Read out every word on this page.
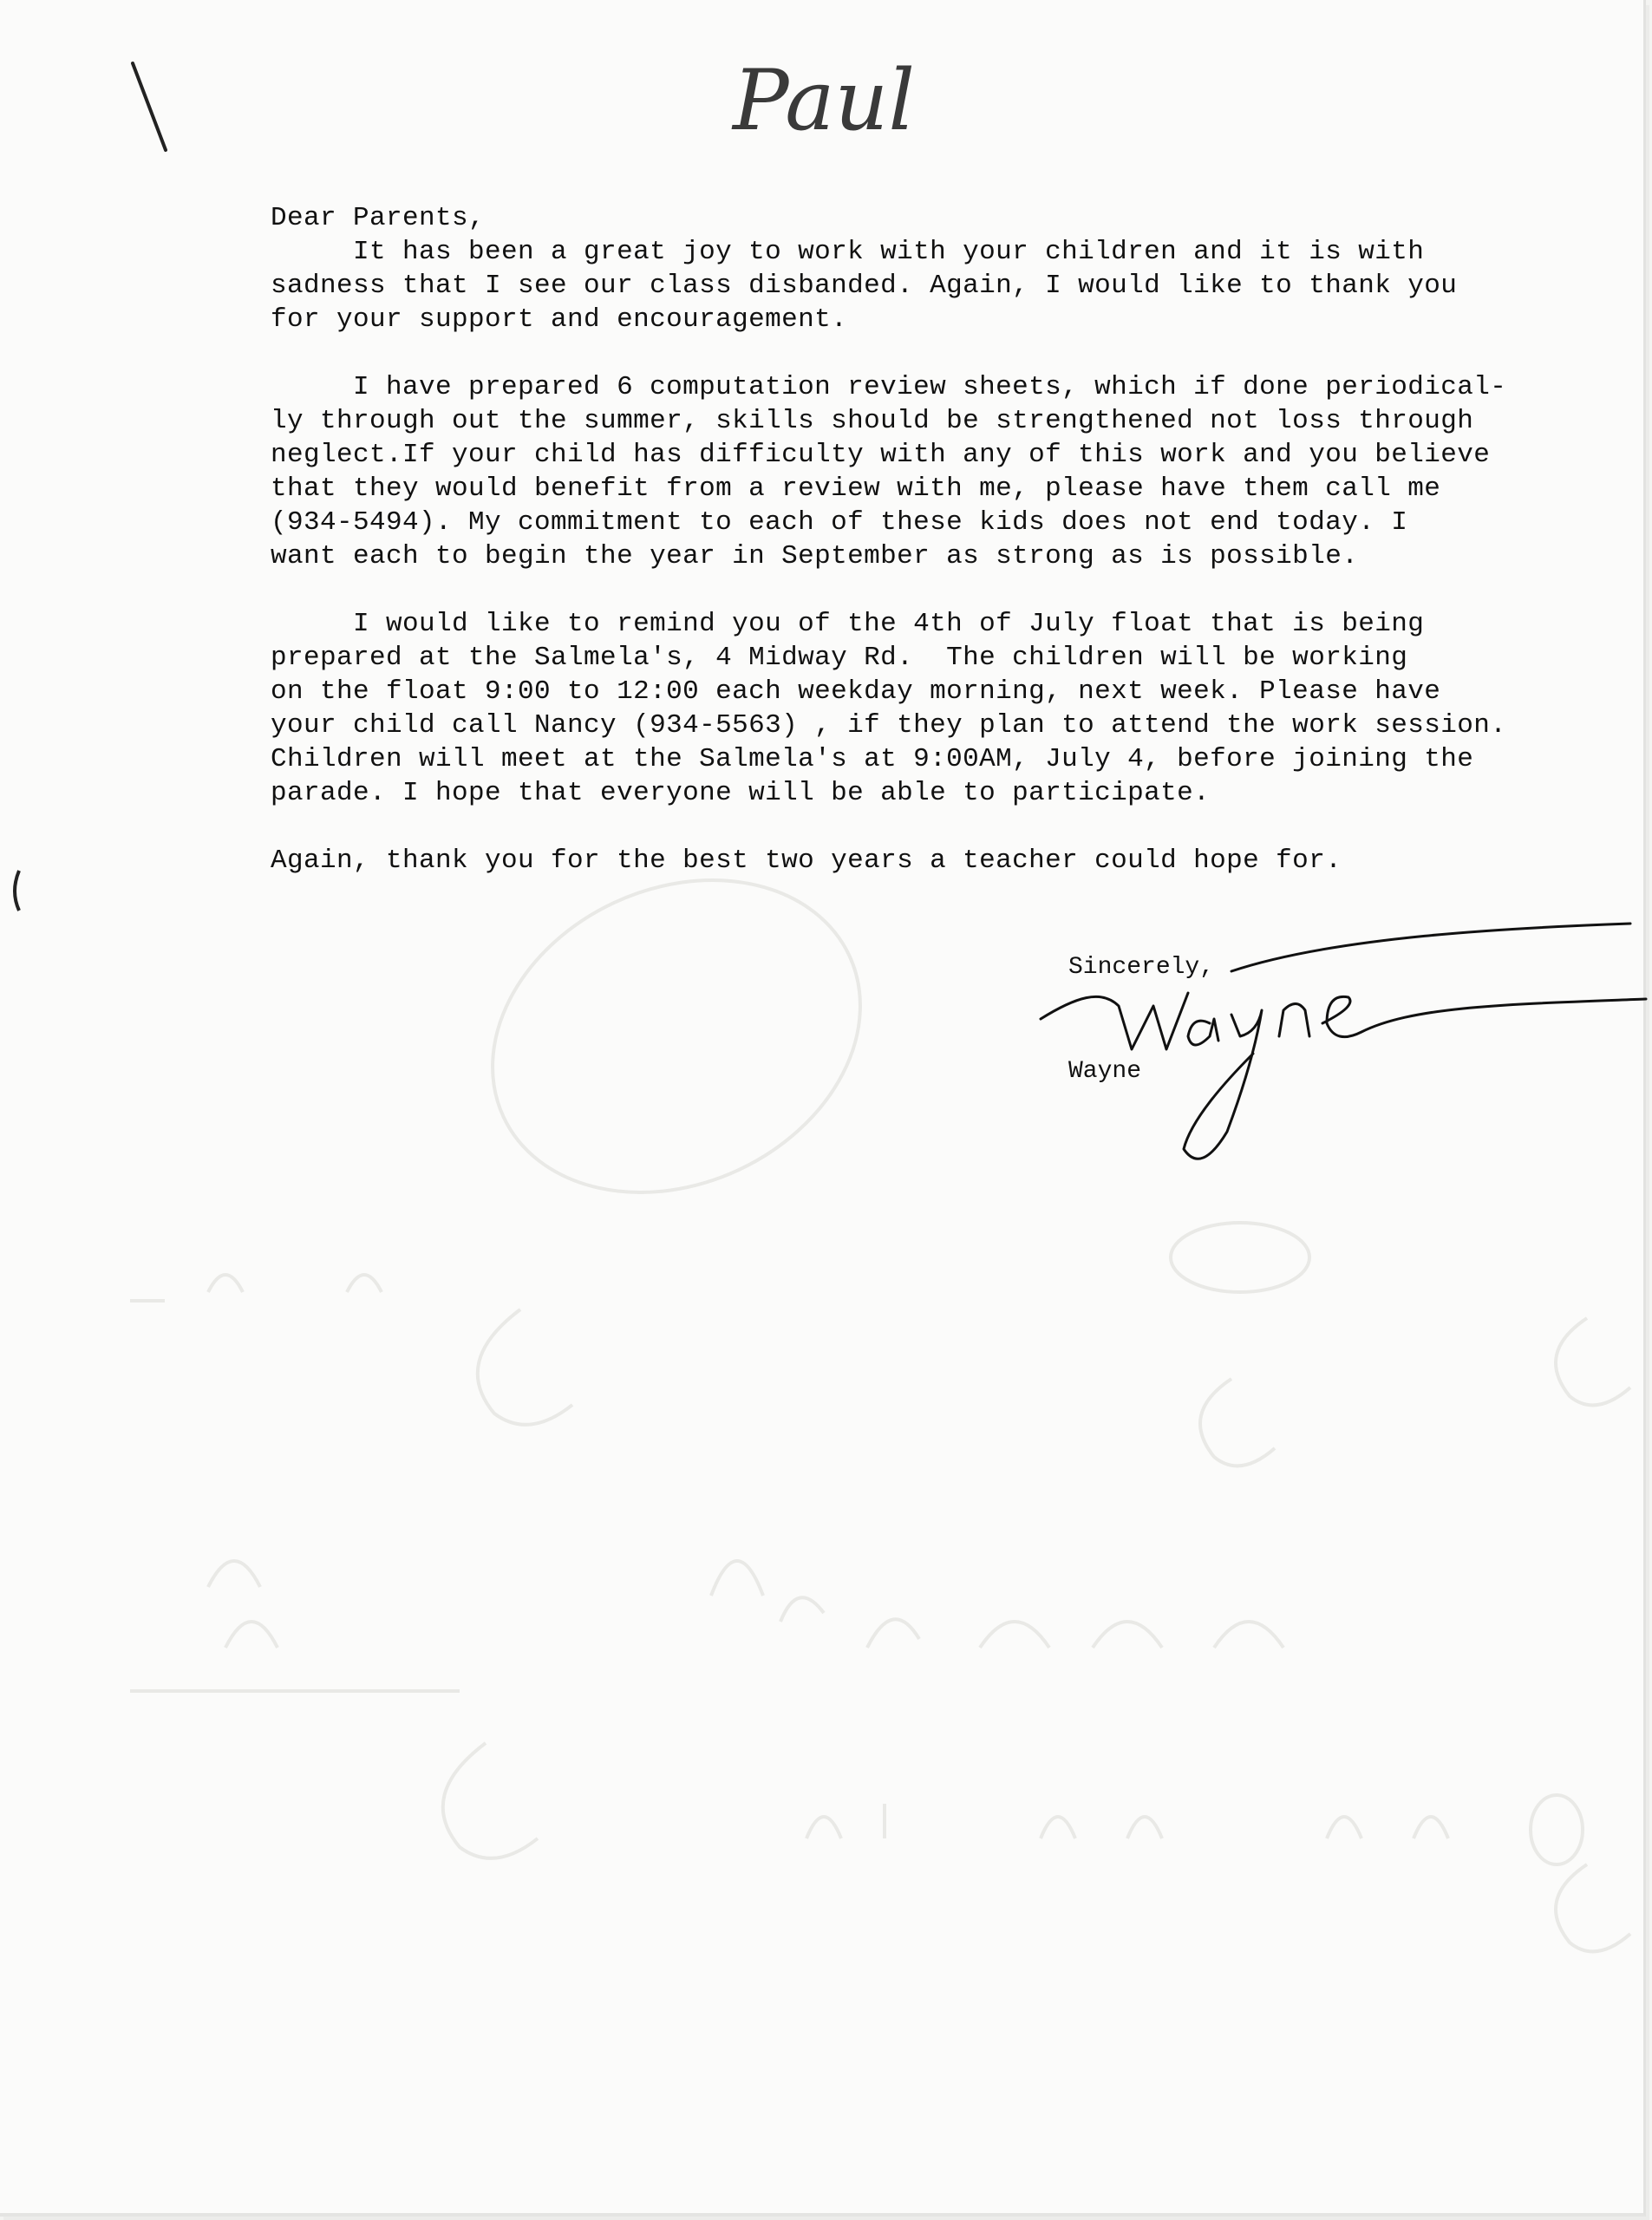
​
Paul
Dear Parents,
It has been a great joy to work with your children and it is with
sadness that I see our class disbanded. Again, I would like to thank you
for your support and encouragement.
I have prepared 6 computation review sheets, which if done periodical-
ly through out the summer, skills should be strengthened not loss through
neglect.If your child has difficulty with any of this work and you believe
that they would benefit from a review with me, please have them call me
(934-5494). My commitment to each of these kids does not end today. I
want each to begin the year in September as strong as is possible.
I would like to remind you of the 4th of July float that is being
prepared at the Salmela's, 4 Midway Rd.  The children will be working
on the float 9:00 to 12:00 each weekday morning, next week. Please have
your child call Nancy (934-5563) , if they plan to attend the work session.
Children will meet at the Salmela's at 9:00AM, July 4, before joining the
parade. I hope that everyone will be able to participate.
Again, thank you for the best two years a teacher could hope for.
Sincerely,
Wayne
